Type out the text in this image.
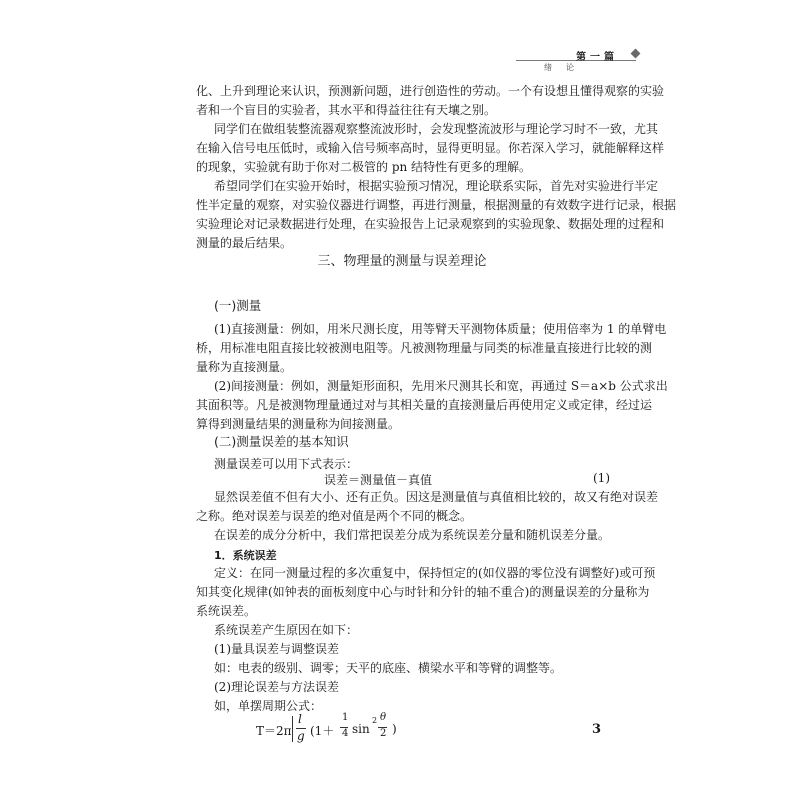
第一篇
绪论
化、上升到理论来认识，预测新问题，进行创造性的劳动。一个有设想且懂得观察的实验
者和一个盲目的实验者，其水平和得益往往有天壤之别。
同学们在做组装整流器观察整流波形时，会发现整流波形与理论学习时不一致，尤其
在输入信号电压低时，或输入信号频率高时，显得更明显。你若深入学习，就能解释这样
的现象，实验就有助于你对二极管的 pn 结特性有更多的理解。
希望同学们在实验开始时，根据实验预习情况，理论联系实际，首先对实验进行半定
性半定量的观察，对实验仪器进行调整，再进行测量，根据测量的有效数字进行记录，根据
实验理论对记录数据进行处理，在实验报告上记录观察到的实验现象、数据处理的过程和
测量的最后结果。
三、物理量的测量与误差理论
(一)测量
(1)直接测量：例如，用米尺测长度，用等臂天平测物体质量；使用倍率为 1 的单臂电
桥，用标准电阻直接比较被测电阻等。凡被测物理量与同类的标准量直接进行比较的测
量称为直接测量。
(2)间接测量：例如，测量矩形面积，先用米尺测其长和宽，再通过 S＝a×b 公式求出
其面积等。凡是被测物理量通过对与其相关量的直接测量后再使用定义或定律，经过运
算得到测量结果的测量称为间接测量。
(二)测量误差的基本知识
测量误差可以用下式表示：
误差＝测量值－真值	(1)
显然误差值不但有大小、还有正负。因这是测量值与真值相比较的，故又有绝对误差
之称。绝对误差与误差的绝对值是两个不同的概念。
在误差的成分分析中，我们常把误差分成为系统误差分量和随机误差分量。
1．系统误差
定义：在同一测量过程的多次重复中，保持恒定的(如仪器的零位没有调整好)或可预
知其变化规律(如钟表的面板刻度中心与时针和分针的轴不重合)的测量误差的分量称为
系统误差。
系统误差产生原因在如下：
(1)量具误差与调整误差
如：电表的级别、调零；天平的底座、横梁水平和等臂的调整等。
(2)理论误差与方法误差
如，单摆周期公式：
T＝2π
l
g (1＋
1
4 sin
2 θ
2 )	3
